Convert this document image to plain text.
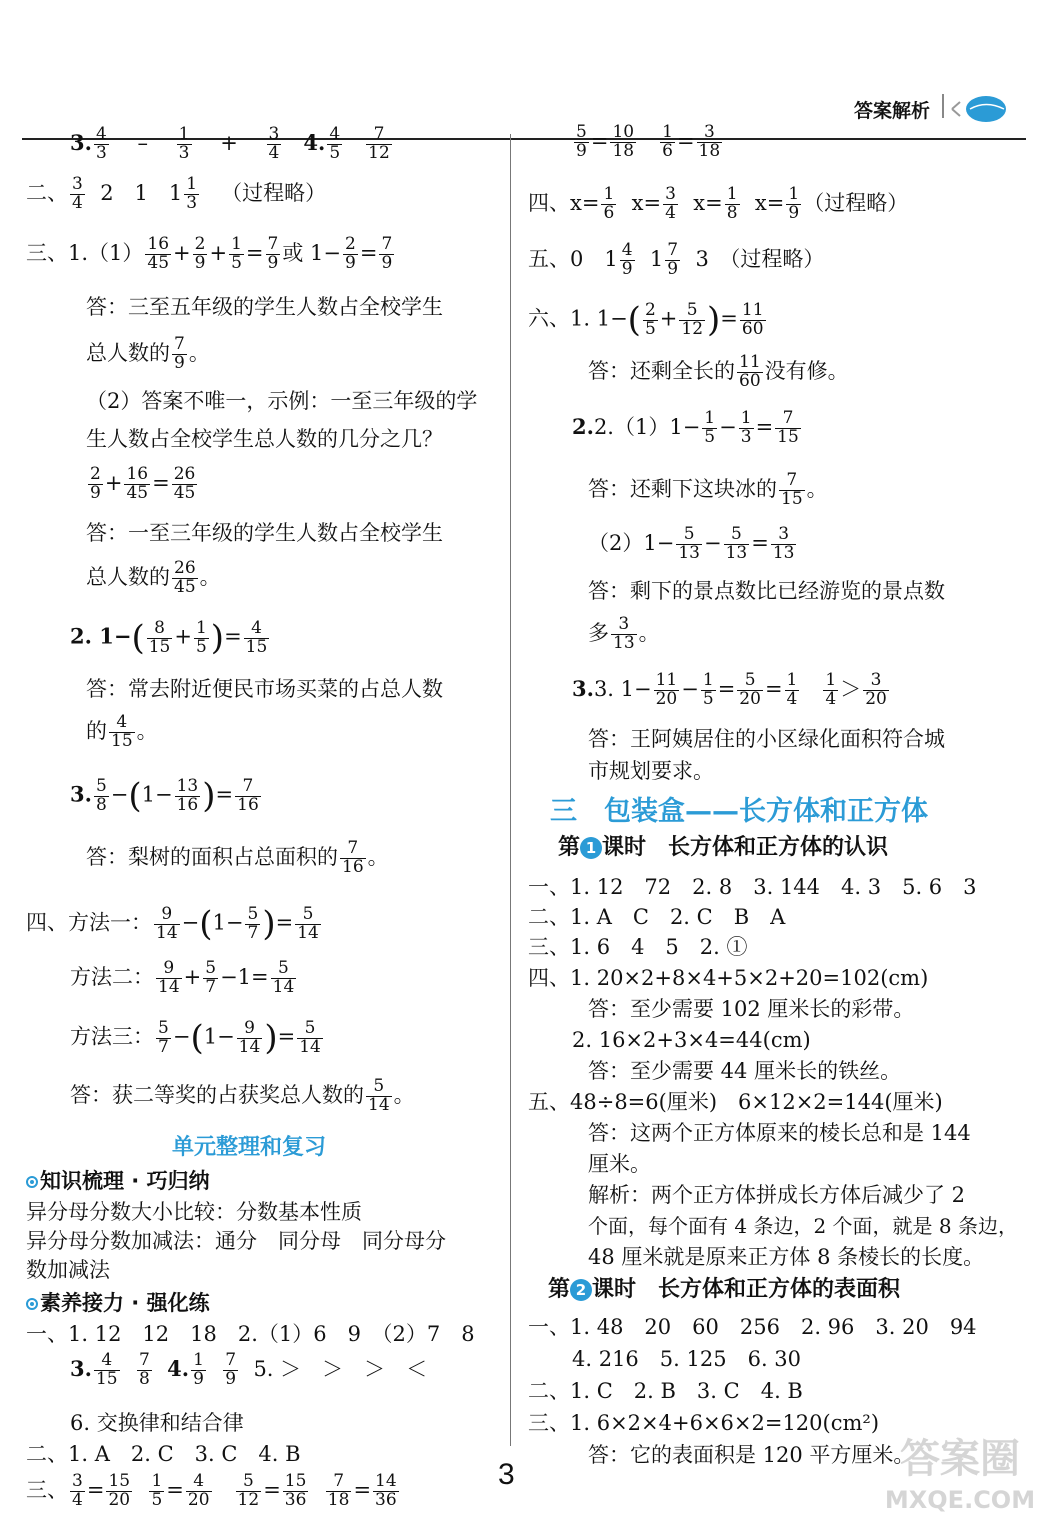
答案解析

3. $\frac{4}{3} - \frac{1}{3} + \frac{3}{4} 4$. $\frac{4}{5}$
$\frac{7}{12}$

二、 $\frac{3}{4} 2$　1　$1 \frac{1}{3}$ （过程略）

三、$1.(1) \frac{16}{45} + \frac{2}{9} + \frac{1}{5} = \frac{7}{9}$ 或 $1- \frac{2}{9} = \frac{7}{9}$

答：三至五年级的学生人数占全校学生

总人数的 $\frac{7}{9}$ 。

（2）答案不唯一，示例：一至三年级的学

生人数占全校学生总人数的几分之几？

$\frac{2}{9} + \frac{16}{45} = \frac{26}{45}$

答：一至三年级的学生人数占全校学生

总人数的 $\frac{26}{45}$ 。

2. $1-( \frac{8}{15} + \frac{1}{5}$ )= $\frac{4}{15}$

答：常去附近便民市场买菜的占总人数

的 $\frac{4}{15}$ 。

3. $\frac{5}{8} -(1- \frac{13}{16}$ )= $\frac{7}{16}$

答：梨树的面积占总面积的 $\frac{7}{16}$ 。

四、方法一： $\frac{9}{14} -(1- \frac{5}{7}$ )= $\frac{5}{14}$

方法二： $\frac{9}{14} + \frac{5}{7} -1= \frac{5}{14}$

方法三： $\frac{5}{7} -(1- \frac{9}{14}$ )= $\frac{5}{14}$

答：获二等奖的占获奖总人数的 $\frac{5}{14}$ 。

单元整理和复习

知识梳理 · 巧归纳

异分母分数大小比较：分数基本性质

异分母分数加减法：通分　同分母　同分母分

数加减法

素养接力 · 强化练

一、1. 12　12　18　2.（1）6　9　（2）7　8

3. $\frac{4}{15}$
$\frac{7}{8} 4$. $\frac{1}{9}$
$\frac{7}{9} 5$. ＞　＞　＞　＜

6. 交换律和结合律

二、1. A　2. C　3. C　4. B

三、 $\frac{3}{4} = \frac{15}{20}$
$\frac{1}{5} = \frac{4}{20}$
$\frac{5}{12} = \frac{15}{36}$
$\frac{7}{18} = \frac{14}{36}$

$\frac{5}{9} = \frac{10}{18}$
$\frac{1}{6} = \frac{3}{18}$

四、$x= \frac{1}{6} x= \frac{3}{4} x= \frac{1}{8} x= \frac{1}{9}$ （过程略）

五、0　$1 \frac{4}{9} 1 \frac{7}{9} 3$　（过程略）

六、1. $1-( \frac{2}{5} + \frac{5}{12}$ )= $\frac{11}{60}$

答：还剩全长的 $\frac{11}{60}$ 没有修。

$2.2.(1)1- \frac{1}{5} - \frac{1}{3} = \frac{7}{15}$

答：还剩下这块冰的 $\frac{7}{15}$ 。

$(2)1- \frac{5}{13} - \frac{5}{13} = \frac{3}{13}$

答：剩下的景点数比已经游览的景点数

多 $\frac{3}{13}$ 。

3.3. $1- \frac{11}{20} - \frac{1}{5} = \frac{5}{20} = \frac{1}{4}$
$\frac{1}{4} > \frac{3}{20}$

答：王阿姨居住的小区绿化面积符合城

市规划要求。

三　包装盒——长方体和正方体

第 1 课时　长方体和正方体的认识

一、1. 12　72　2. 8　3. 144　4. 3　5. 6　3

二、1. A　C　2. C　B　A

三、1. 6　4　5　2. ①

四、1. 20×2+8×4+5×2+20=102(cm)

答：至少需要 102 厘米长的彩带。

2. 16×2+3×4=44(cm)

答：至少需要 44 厘米长的铁丝。

五、48÷8=6(厘米)　6×12×2=144(厘米)

答：这两个正方体原来的棱长总和是 144

厘米。

解析：两个正方体拼成长方体后减少了 2

个面，每个面有 4 条边，2 个面，就是 8 条边，

48 厘米就是原来正方体 8 条棱长的长度。

第 2 课时　长方体和正方体的表面积

一、1. 48　20　60　256　2. 96　3. 20　94

4. 216　5. 125　6. 30

二、1. C　2. B　3. C　4. B

三、1. 6×2×4+6×6×2=120(cm²)

答：它的表面积是 120 平方厘米。

3	答案圈
MXQE.COM
